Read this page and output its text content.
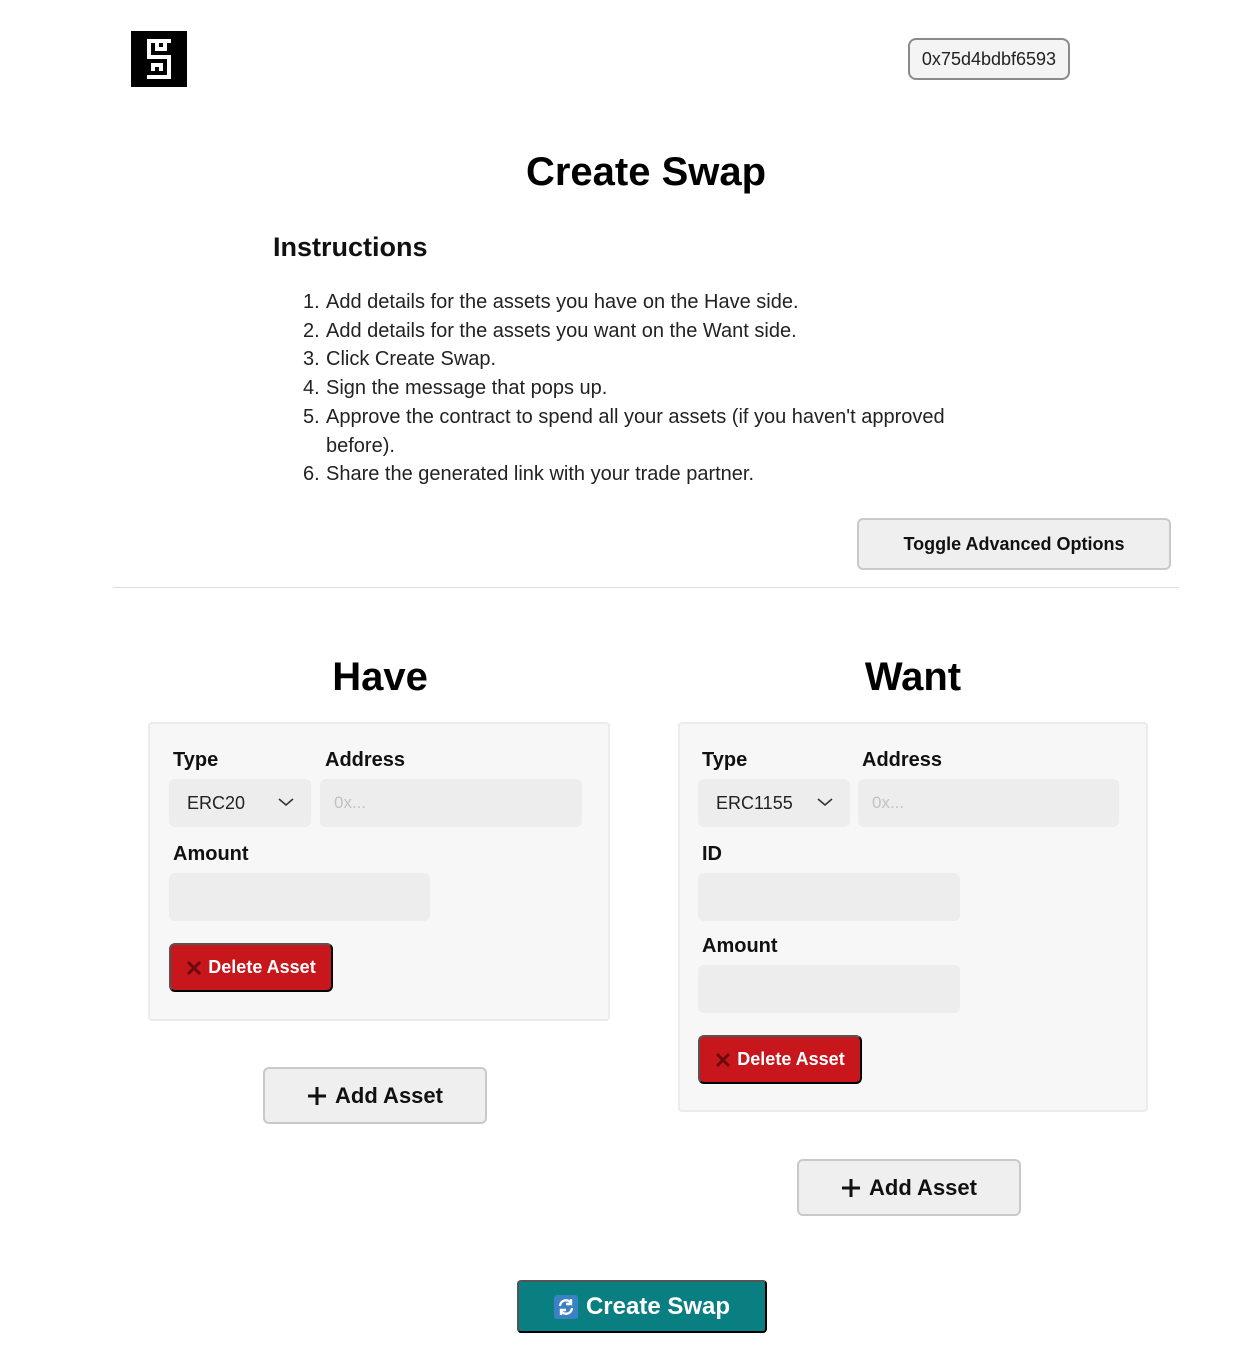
0x75d4bdbf6593
Create Swap
Instructions
1. Add details for the assets you have on the Have side.
2. Add details for the assets you want on the Want side.
3. Click Create Swap.
4. Sign the message that pops up.
5. Approve the contract to spend all your assets (if you haven't approved before).
6. Share the generated link with your trade partner.
Toggle Advanced Options
Have
Type	Address
ERC20	0x...
Amount
Delete Asset
Add Asset
Want
Type	Address
ERC1155	0x...
ID
Amount
Delete Asset
Add Asset
Create Swap
